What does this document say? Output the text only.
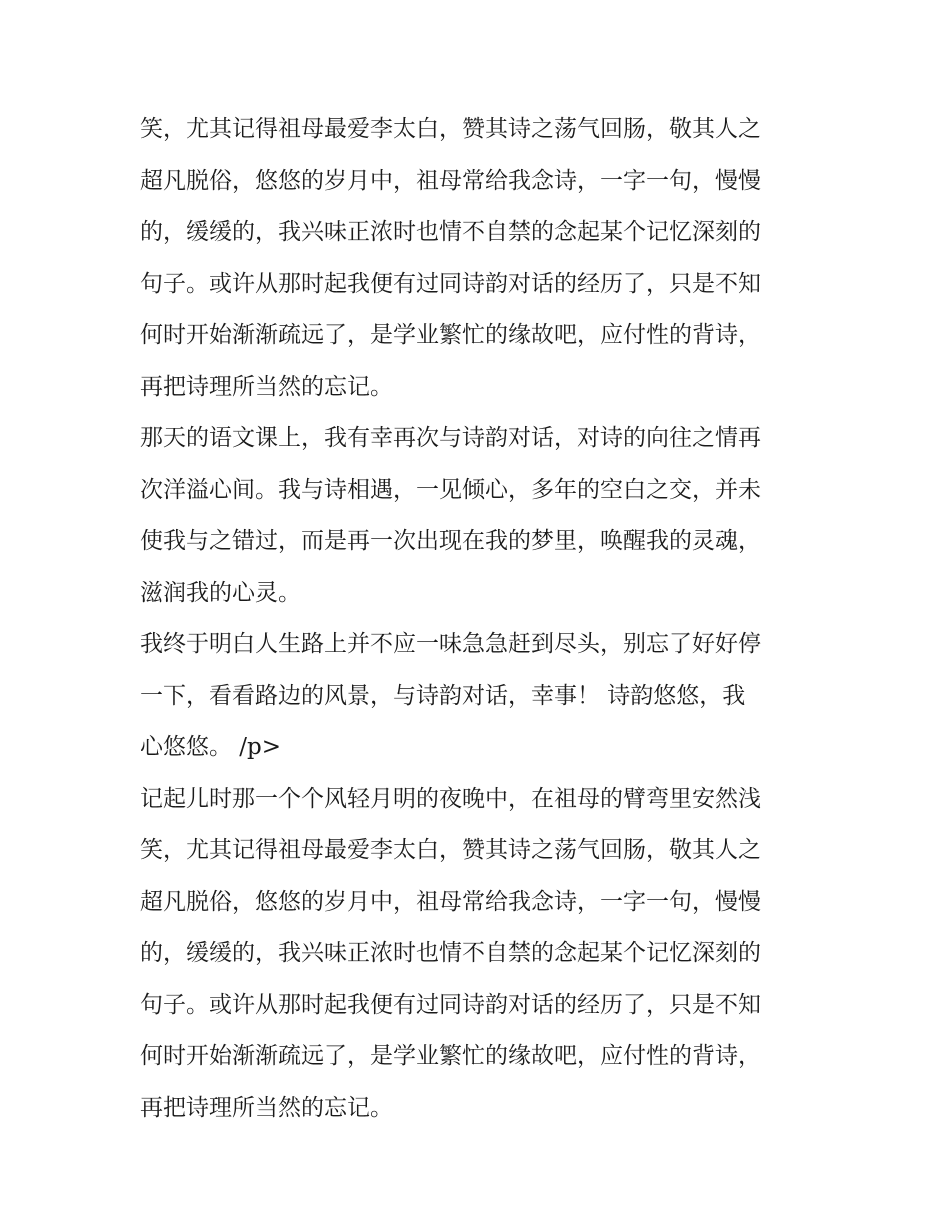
笑，尤其记得祖母最爱李太白，赞其诗之荡气回肠，敬其人之
超凡脱俗，悠悠的岁月中，祖母常给我念诗，一字一句，慢慢
的，缓缓的，我兴味正浓时也情不自禁的念起某个记忆深刻的
句子。或许从那时起我便有过同诗韵对话的经历了，只是不知
何时开始渐渐疏远了，是学业繁忙的缘故吧，应付性的背诗，
再把诗理所当然的忘记。
那天的语文课上，我有幸再次与诗韵对话，对诗的向往之情再
次洋溢心间。我与诗相遇，一见倾心，多年的空白之交，并未
使我与之错过，而是再一次出现在我的梦里，唤醒我的灵魂，
滋润我的心灵。
我终于明白人生路上并不应一味急急赶到尽头，别忘了好好停
一下，看看路边的风景，与诗韵对话，幸事！ 诗韵悠悠，我
心悠悠。 /p>
记起儿时那一个个风轻月明的夜晚中，在祖母的臂弯里安然浅
笑，尤其记得祖母最爱李太白，赞其诗之荡气回肠，敬其人之
超凡脱俗，悠悠的岁月中，祖母常给我念诗，一字一句，慢慢
的，缓缓的，我兴味正浓时也情不自禁的念起某个记忆深刻的
句子。或许从那时起我便有过同诗韵对话的经历了，只是不知
何时开始渐渐疏远了，是学业繁忙的缘故吧，应付性的背诗，
再把诗理所当然的忘记。
